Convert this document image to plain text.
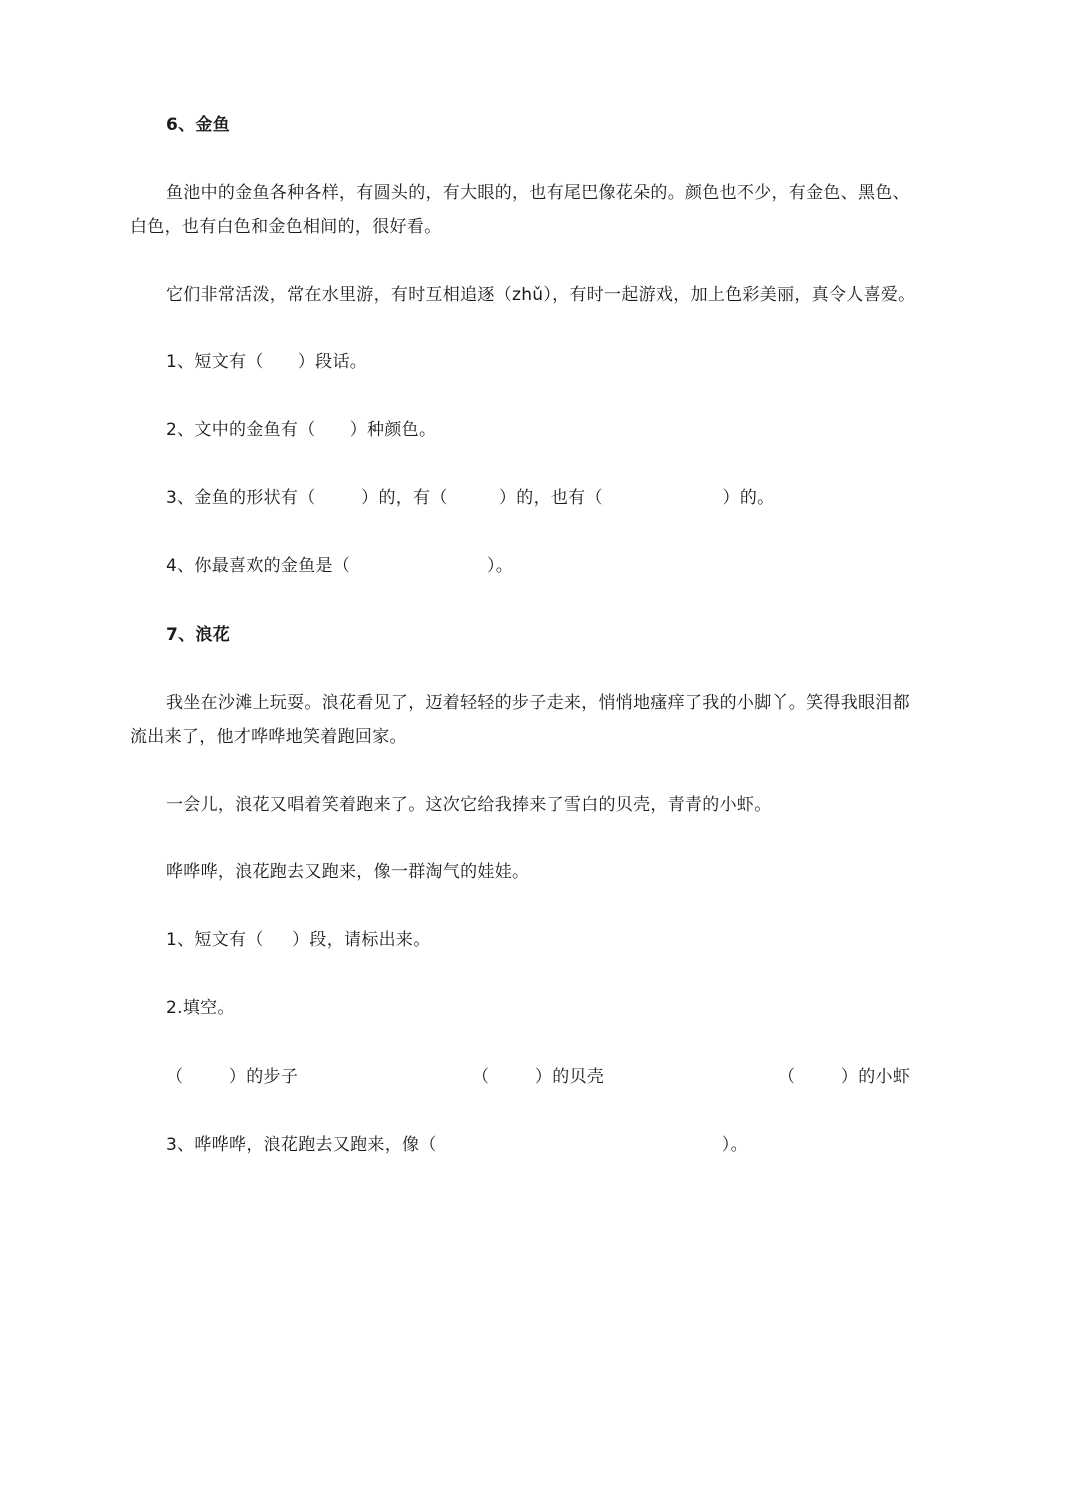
6、金鱼
鱼池中的金鱼各种各样，有圆头的，有大眼的，也有尾巴像花朵的。颜色也不少，有金色、黑色、
白色，也有白色和金色相间的，很好看。
它们非常活泼，常在水里游，有时互相追逐（zhǔ），有时一起游戏，加上色彩美丽，真令人喜爱。
1、短文有（      ）段话。
2、文中的金鱼有（      ）种颜色。
3、金鱼的形状有（        ）的，有（         ）的，也有（                     ）的。
4、你最喜欢的金鱼是（                        ）。
7、浪花
我坐在沙滩上玩耍。浪花看见了，迈着轻轻的步子走来，悄悄地瘙痒了我的小脚丫。笑得我眼泪都
流出来了，他才哗哗地笑着跑回家。
一会儿，浪花又唱着笑着跑来了。这次它给我捧来了雪白的贝壳，青青的小虾。
哗哗哗，浪花跑去又跑来，像一群淘气的娃娃。
1、短文有（     ）段，请标出来。
2.填空。
（        ）的步子	（        ）的贝壳	（        ）的小虾
3、哗哗哗，浪花跑去又跑来，像（                                                  ）。
